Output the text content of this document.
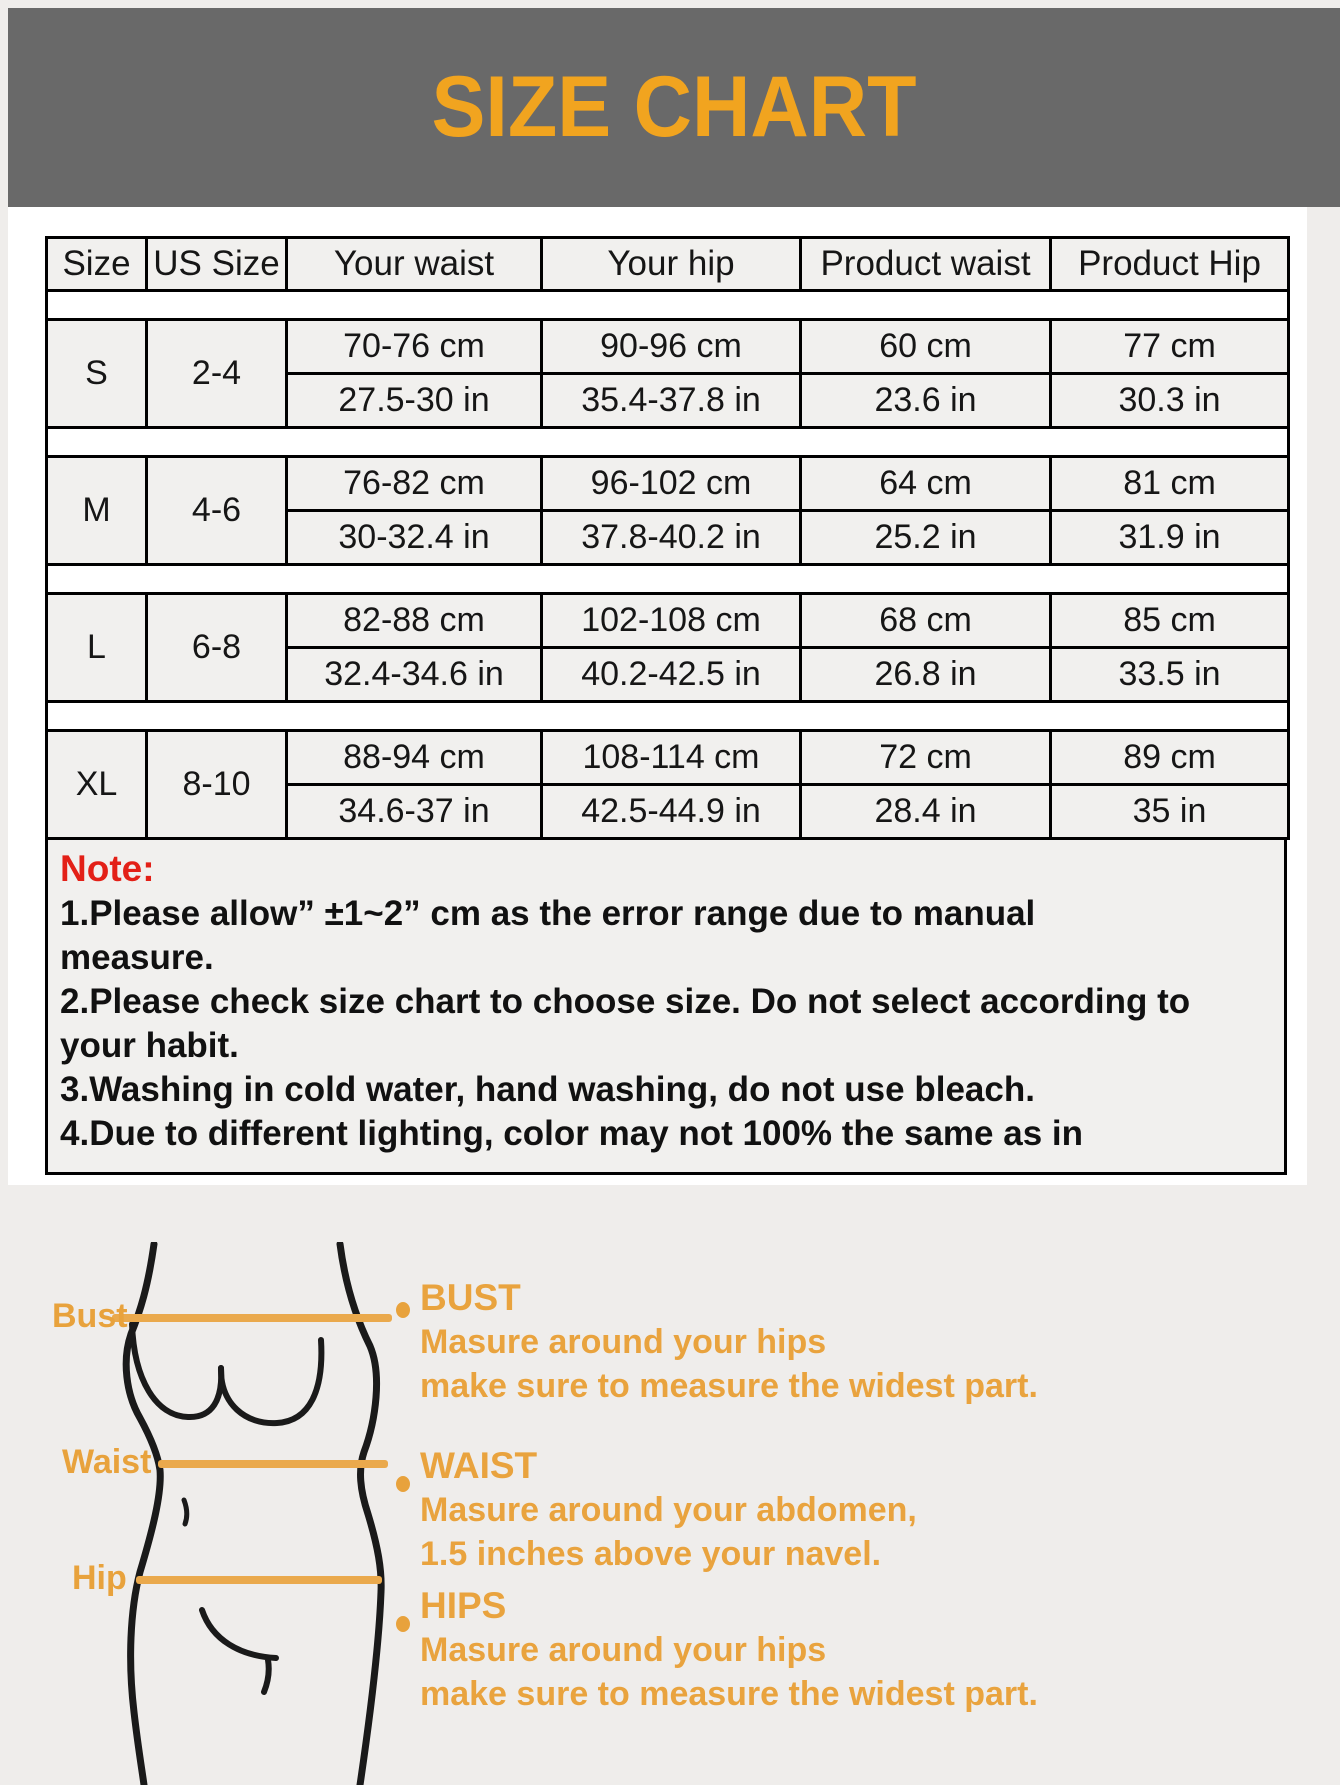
SIZE CHART
Size	US Size	Your waist	Your hip	Product waist	Product Hip

S	2-4	70-76 cm	90-96 cm	60 cm	77 cm
		27.5-30 in	35.4-37.8 in	23.6 in	30.3 in

M	4-6	76-82 cm	96-102 cm	64 cm	81 cm
		30-32.4 in	37.8-40.2 in	25.2 in	31.9 in

L	6-8	82-88 cm	102-108 cm	68 cm	85 cm
		32.4-34.6 in	40.2-42.5 in	26.8 in	33.5 in

XL	8-10	88-94 cm	108-114 cm	72 cm	89 cm
		34.6-37 in	42.5-44.9 in	28.4 in	35 in
Note:
1.Please allow” ±1~2” cm as the error range due to manual
measure.
2.Please check size chart to choose size. Do not select according to
your habit.
3.Washing in cold water, hand washing, do not use bleach.
4.Due to different lighting, color may not 100% the same as in
Bust
Waist
Hip
BUST
Masure around your hips
make sure to measure the widest part.
WAIST
Masure around your abdomen,
1.5 inches above your navel.
HIPS
Masure around your hips
make sure to measure the widest part.
